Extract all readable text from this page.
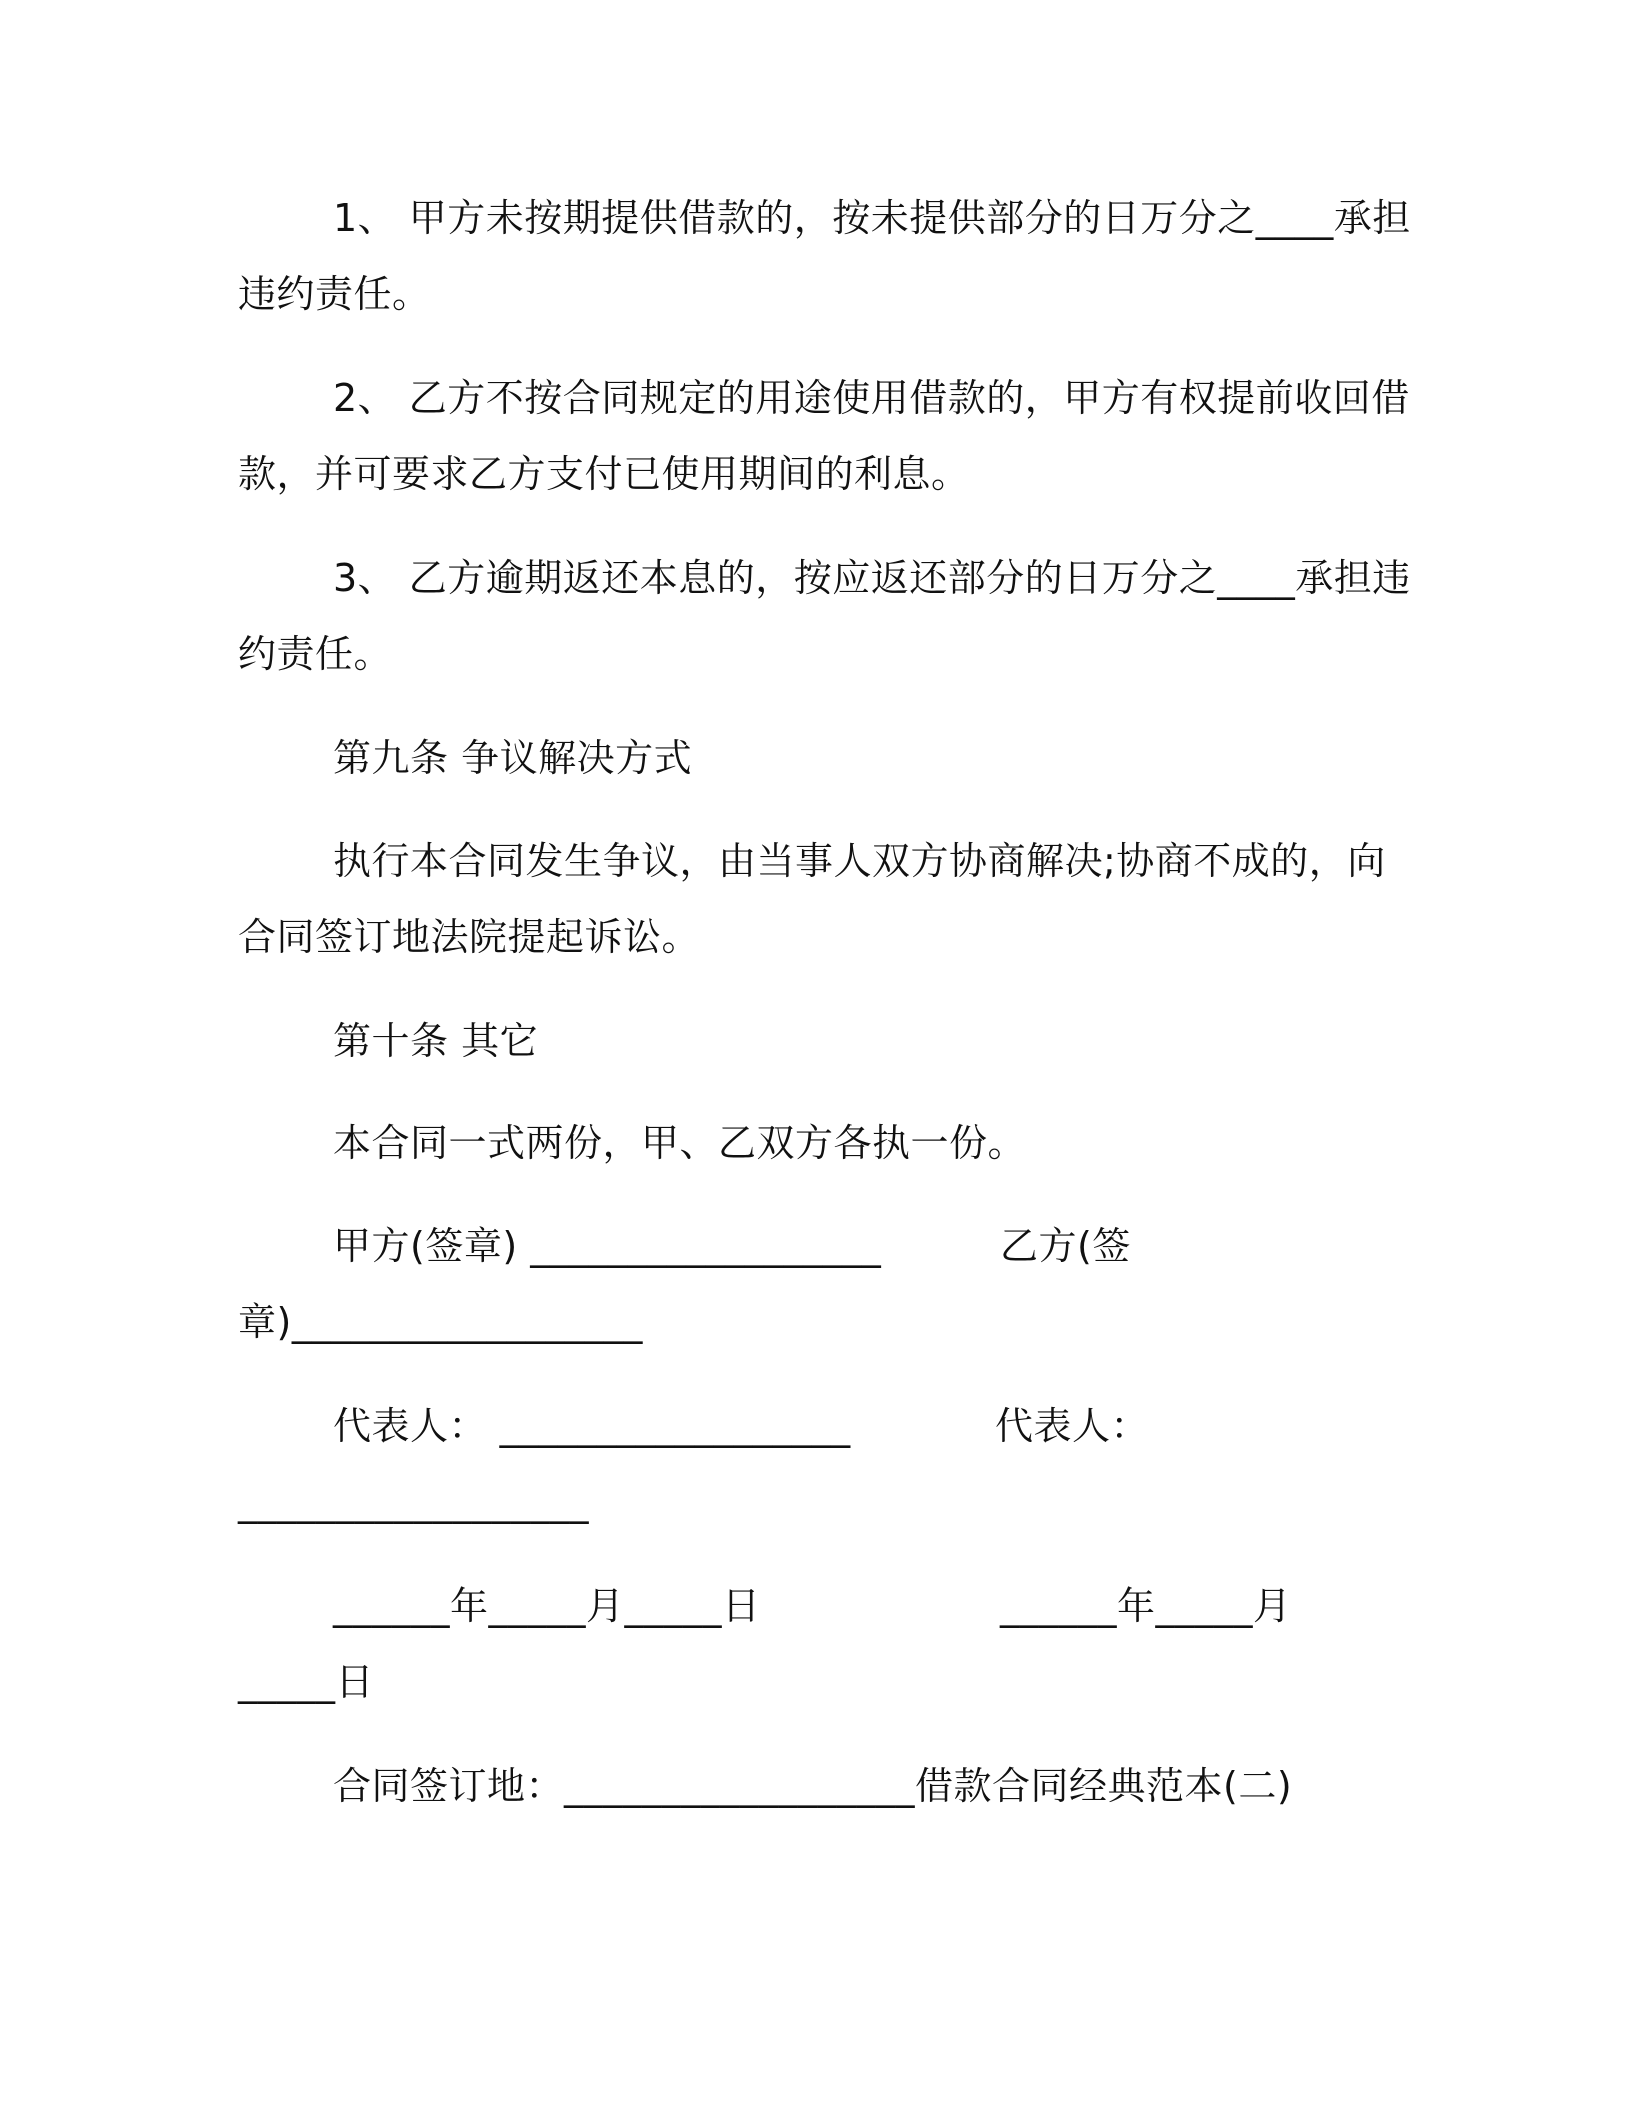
1、 甲方未按期提供借款的，按未提供部分的日万分之____承担
违约责任。
2、 乙方不按合同规定的用途使用借款的，甲方有权提前收回借
款，并可要求乙方支付已使用期间的利息。
3、 乙方逾期返还本息的，按应返还部分的日万分之____承担违
约责任。
第九条 争议解决方式
执行本合同发生争议，由当事人双方协商解决;协商不成的，向
合同签订地法院提起诉讼。
第十条 其它
本合同一式两份，甲、乙双方各执一份。
甲方(签章) __________________	乙方(签
章)__________________
代表人： __________________	代表人：
__________________
______年_____月_____日	______年_____月
_____日
合同签订地：__________________借款合同经典范本(二)
